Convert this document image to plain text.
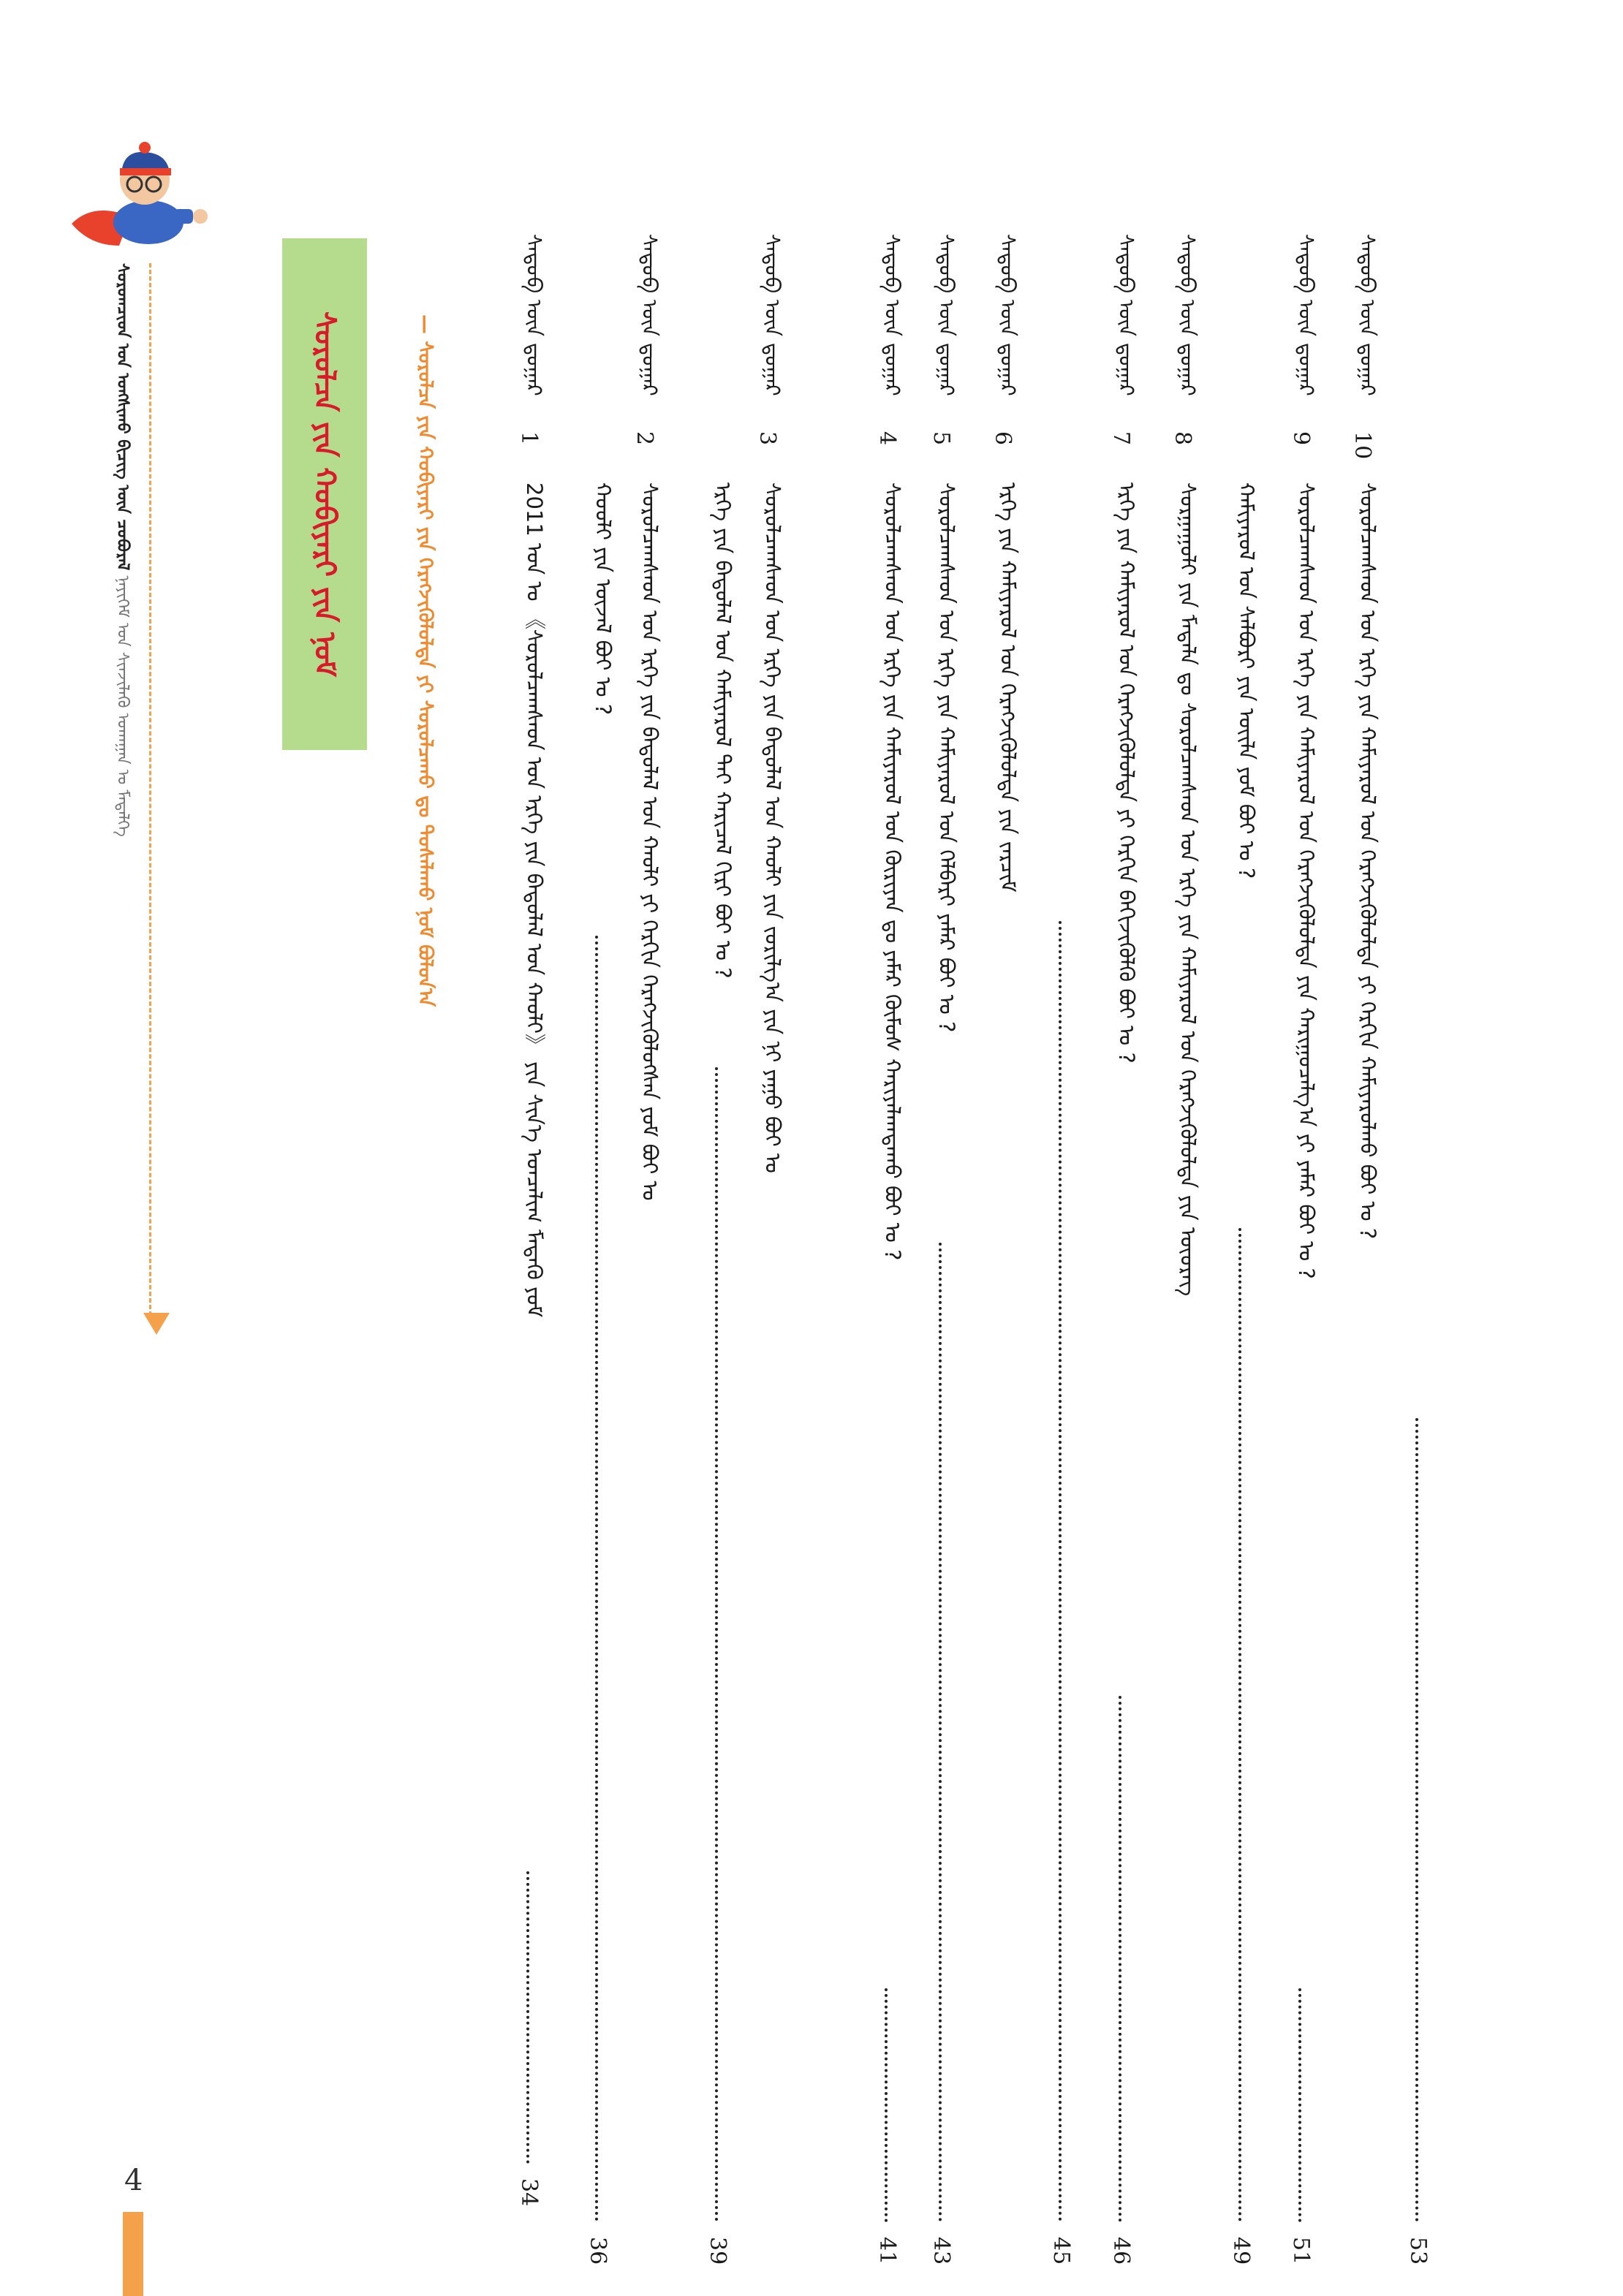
ᠰᠤᠷᠤᠭᠴᠢᠳ ᠤᠨ ᠤᠩᠰᠢᠬᠤ ᠪᠢᠴᠢᠭ ᠦᠨ ᠴᠤᠪᠤᠷᠠᠯ ᠨᠡᠶᠢᠭᠡᠮ ᠤᠨ ᠰᠢᠨᠵᠢᠯᠡᠬᠦ ᠤᠬᠠᠭᠠᠨ ᠤ ᠮᠡᠳᠡᠯᠭᠡ
ᠰᠤᠷᠤᠯᠴᠠ ᠶᠢᠨ ᠬᠤᠪᠢᠶᠠᠷᠢ ᠶᠢᠨ ᠨᠤᠮ	— ᠰᠤᠷᠤᠯᠴᠠ ᠶᠢᠨ ᠬᠤᠪᠢᠶᠠᠷᠢ ᠶᠢᠨ ᠬᠡᠷᠡᠭᠵᠢᠬᠦᠯᠦᠯᠲᠡ ᠶᠢ ᠰᠤᠷᠤᠯᠴᠠᠬᠤ ᠳᠤ ᠲᠤᠰᠠᠯᠠᠬᠤ ᠨᠤᠮ ᠪᠤᠯᠤᠨ᠎ᠠ	ᠰᠡᠳᠦᠪ ᠦᠨ ᠳ᠋ᠤᠭᠠᠷ
1
2011 ᠤᠨ ᠤ 《ᠰᠤᠷᠤᠯᠴᠠᠭᠰᠠᠳ ᠤᠨ ᠡᠷᠬᠡ ᠶᠢᠨ ᠪᠠᠲᠤᠯᠠᠯ ᠤᠨ ᠬᠠᠤᠯᠢ》 ᠶᠢᠨ ᠰᠢᠨ᠎ᠡ ᠣᠨᠴᠠᠯᠢᠭ ᠮᠡᠳᠡᠬᠦ ᠶᠤᠮ
34
ᠰᠡᠳᠦᠪ ᠦᠨ ᠳ᠋ᠤᠭᠠᠷ
2
ᠰᠤᠷᠤᠯᠴᠠᠭᠰᠠᠳ ᠤᠨ ᠡᠷᠬᠡ ᠶᠢᠨ ᠪᠠᠲᠤᠯᠠᠯ ᠤᠨ ᠬᠠᠤᠯᠢ ᠶᠢ ᠬᠡᠷᠬᠢᠨ ᠬᠡᠷᠡᠭᠵᠢᠬᠦᠯᠦᠭᠰᠡᠨ ᠶᠤᠮ ᠪᠤᠢ ᠤ
ᠬᠤᠤᠯᠢ ᠶᠢᠨ ᠦᠵᠡᠯ ᠪᠤᠢ ᠤ ?
36
ᠰᠡᠳᠦᠪ ᠦᠨ ᠳ᠋ᠤᠭᠠᠷ
3
ᠰᠤᠷᠤᠯᠴᠠᠭᠰᠠᠳ ᠤᠨ ᠡᠷᠬᠡ ᠶᠢᠨ ᠪᠠᠲᠤᠯᠠᠯ ᠤᠨ ᠬᠠᠤᠯᠢ ᠶᠢᠨ ᠵᠤᠷᠢᠯᠭ᠎ᠠ ᠶᠢᠨ ᠨᠢ ᠶᠠᠭᠤ ᠪᠤᠢ ᠤ
ᠡᠷᠬᠡ ᠶᠢᠨ ᠪᠠᠲᠤᠯᠠᠯ ᠤᠨ ᠬᠠᠮᠢᠶᠠᠷᠤᠯ ᠲᠠᠢ ᠬᠠᠷᠢᠴᠠᠯ ᠬᠢᠷᠢ ᠪᠤᠢ ᠤ ?
39
ᠰᠡᠳᠦᠪ ᠦᠨ ᠳ᠋ᠤᠭᠠᠷ
4
ᠰᠤᠷᠤᠯᠴᠠᠭᠰᠠᠳ ᠤᠨ ᠡᠷᠬᠡ ᠶᠢᠨ ᠬᠠᠮᠢᠶᠠᠷᠤᠯ ᠤᠨ ᠬᠦᠷᠢᠶᠡᠨ ᠳᠤ ᠶᠠᠮᠠᠷ ᠬᠦᠮᠦᠰ ᠬᠠᠷᠢᠶᠠᠯᠠᠭᠳᠠᠬᠤ ᠪᠤᠢ ᠤ ?
41
ᠰᠡᠳᠦᠪ ᠦᠨ ᠳ᠋ᠤᠭᠠᠷ
5
ᠰᠤᠷᠤᠯᠴᠠᠭᠰᠠᠳ ᠤᠨ ᠡᠷᠬᠡ ᠶᠢᠨ ᠬᠠᠮᠢᠶᠠᠷᠤᠯ ᠤᠨ ᠬᠡᠯᠪᠡᠷᠢ ᠶᠠᠮᠠᠷ ᠪᠤᠢ ᠤ ?
43
ᠰᠡᠳᠦᠪ ᠦᠨ ᠳ᠋ᠤᠭᠠᠷ
6
ᠡᠷᠬᠡ ᠶᠢᠨ ᠬᠠᠮᠢᠶᠠᠷᠤᠯ ᠤᠨ ᠬᠡᠷᠡᠭᠵᠢᠬᠦᠯᠦᠯᠲᠡ ᠶᠢᠨ ᠵᠠᠷᠴᠢᠮ
45
ᠰᠡᠳᠦᠪ ᠦᠨ ᠳ᠋ᠤᠭᠠᠷ
7
ᠡᠷᠬᠡ ᠶᠢᠨ ᠬᠠᠮᠢᠶᠠᠷᠤᠯ ᠤᠨ ᠬᠡᠷᠡᠭᠵᠢᠬᠦᠯᠦᠯᠲᠡ ᠶᠢ ᠬᠡᠷᠬᠢᠨ ᠪᠡᠬᠢᠵᠢᠬᠦᠯᠬᠦ ᠪᠤᠢ ᠤ ?
46
ᠰᠡᠳᠦᠪ ᠦᠨ ᠳ᠋ᠤᠭᠠᠷ
8
ᠰᠤᠷᠭᠠᠭᠤᠯᠢ ᠶᠢᠨ ᠮᠡᠳᠡᠯᠡ ᠳᠤ ᠰᠤᠷᠤᠯᠴᠠᠭᠰᠠᠳ ᠤᠨ ᠡᠷᠬᠡ ᠶᠢᠨ ᠬᠠᠮᠢᠶᠠᠷᠤᠯ ᠤᠨ ᠬᠡᠷᠡᠭᠵᠢᠬᠦᠯᠦᠯᠲᠡ ᠶᠢᠨ ᠦᠦᠷᠡᠭ ᠬᠠᠮᠢᠶᠠᠷᠤᠯ ᠤᠨ ᠰᠠᠯᠪᠤᠷᠢ ᠶᠢᠨ ᠦᠢᠯᠡ ᠶᠤᠮ ᠪᠤᠢ ᠤ ?
49
ᠰᠡᠳᠦᠪ ᠦᠨ ᠳ᠋ᠤᠭᠠᠷ
9
ᠰᠤᠷᠤᠯᠴᠠᠭᠰᠠᠳ ᠤᠨ ᠡᠷᠬᠡ ᠶᠢᠨ ᠬᠠᠮᠢᠶᠠᠷᠤᠯ ᠤᠨ ᠬᠡᠷᠡᠭᠵᠢᠬᠦᠯᠦᠯᠲᠡ ᠶᠢᠨ ᠬᠠᠷᠢᠭᠤᠴᠠᠯᠭ᠎ᠠ ᠶᠢ ᠶᠠᠮᠠᠷ ᠪᠤᠢ ᠤ ?
51
ᠰᠡᠳᠦᠪ ᠦᠨ ᠳ᠋ᠤᠭᠠᠷ
10
ᠰᠤᠷᠤᠯᠴᠠᠭᠰᠠᠳ ᠤᠨ ᠡᠷᠬᠡ ᠶᠢᠨ ᠬᠠᠮᠢᠶᠠᠷᠤᠯ ᠤᠨ ᠬᠡᠷᠡᠭᠵᠢᠬᠦᠯᠦᠯᠲᠡ ᠶᠢ ᠬᠡᠷᠬᠢᠨ ᠬᠠᠮᠢᠶᠠᠷᠤᠯᠬᠤ ᠪᠤᠢ ᠤ ?
53
4
